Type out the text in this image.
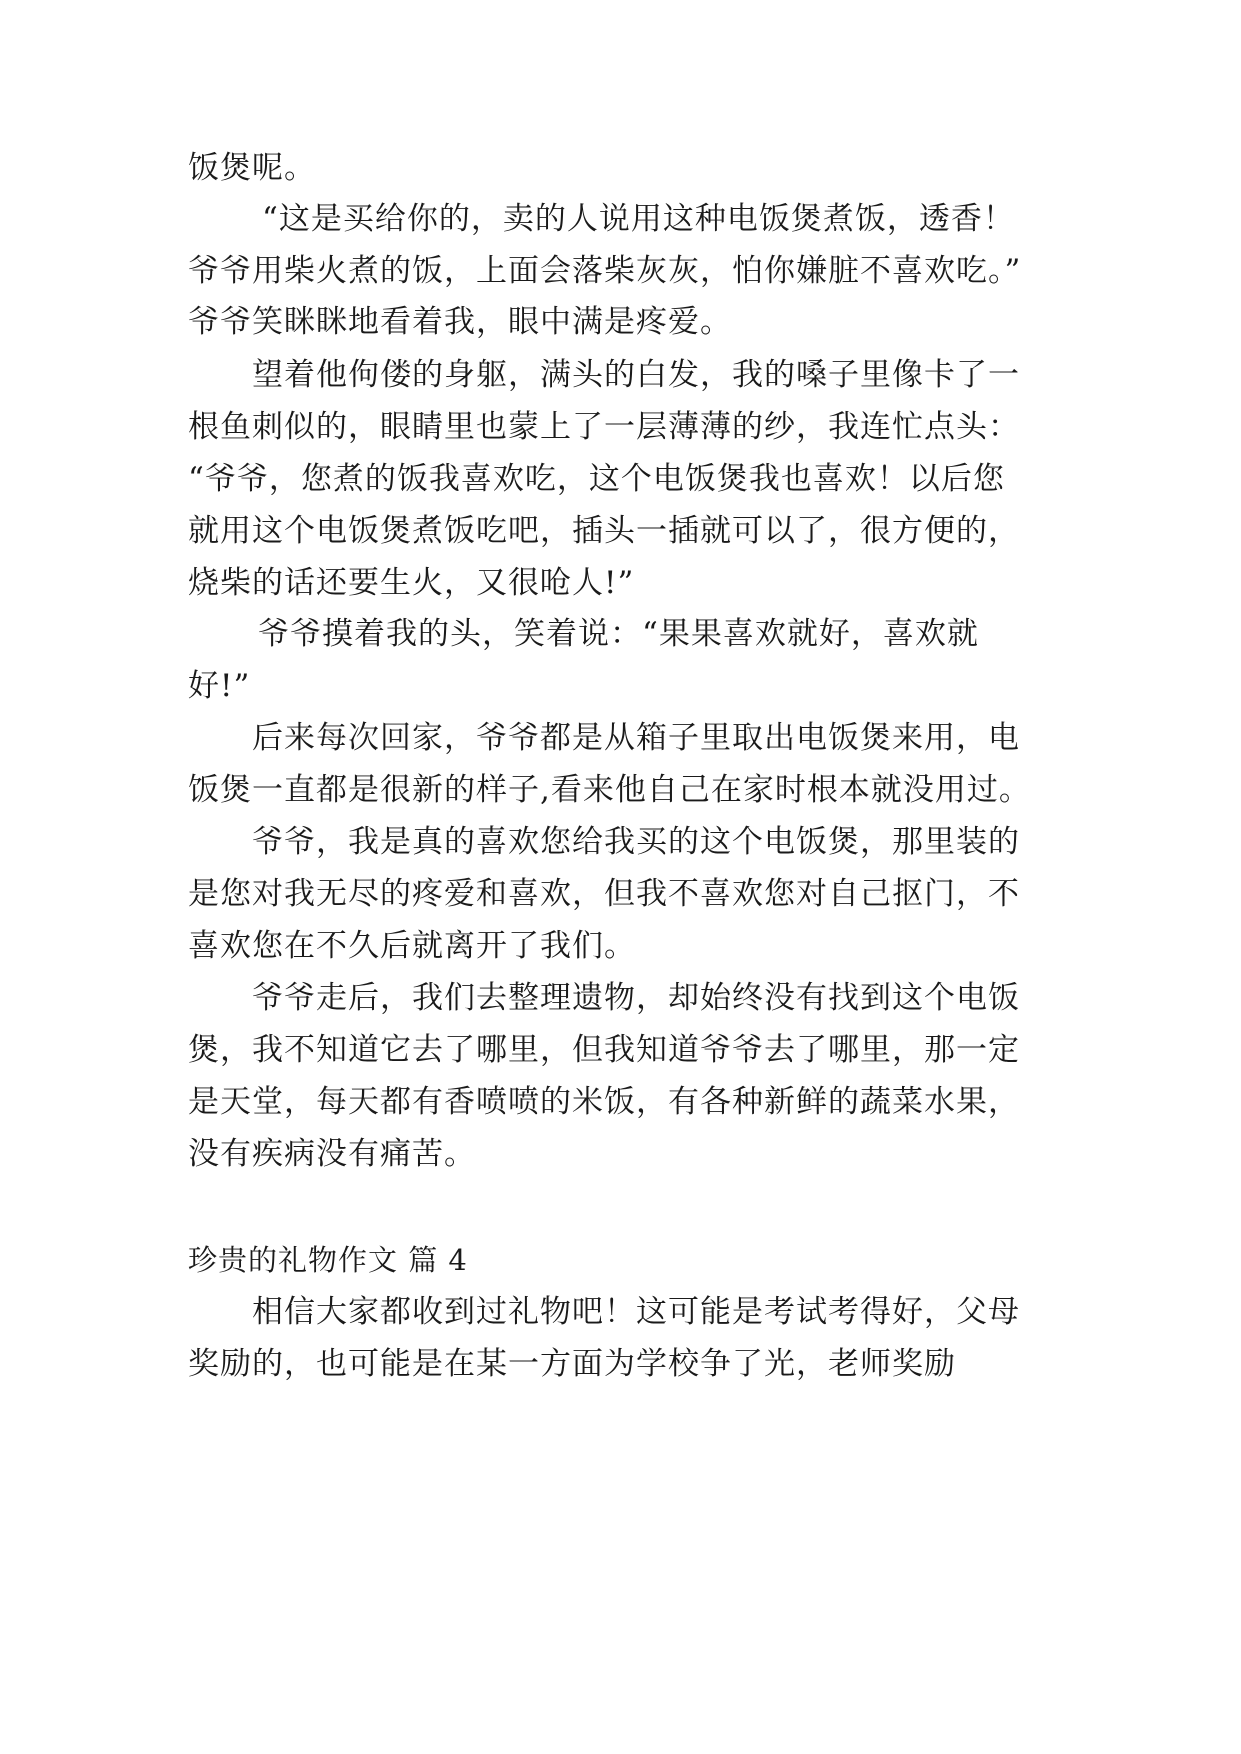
饭煲呢。

“这是买给你的，卖的人说用这种电饭煲煮饭，透香！

爷爷用柴火煮的饭，上面会落柴灰灰，怕你嫌脏不喜欢吃。”

爷爷笑眯眯地看着我，眼中满是疼爱。

望着他佝偻的身躯，满头的白发，我的嗓子里像卡了一

根鱼刺似的，眼睛里也蒙上了一层薄薄的纱，我连忙点头：

“爷爷，您煮的饭我喜欢吃，这个电饭煲我也喜欢！以后您

就用这个电饭煲煮饭吃吧，插头一插就可以了，很方便的，

烧柴的话还要生火，又很呛人!”

爷爷摸着我的头，笑着说：“果果喜欢就好，喜欢就

好!”

后来每次回家，爷爷都是从箱子里取出电饭煲来用，电

饭煲一直都是很新的样子,看来他自己在家时根本就没用过。

爷爷，我是真的喜欢您给我买的这个电饭煲，那里装的

是您对我无尽的疼爱和喜欢，但我不喜欢您对自己抠门，不

喜欢您在不久后就离开了我们。

爷爷走后，我们去整理遗物，却始终没有找到这个电饭

煲，我不知道它去了哪里，但我知道爷爷去了哪里，那一定

是天堂，每天都有香喷喷的米饭，有各种新鲜的蔬菜水果，

没有疾病没有痛苦。

珍贵的礼物作文 篇 4

相信大家都收到过礼物吧！这可能是考试考得好，父母

奖励的，也可能是在某一方面为学校争了光，老师奖励
